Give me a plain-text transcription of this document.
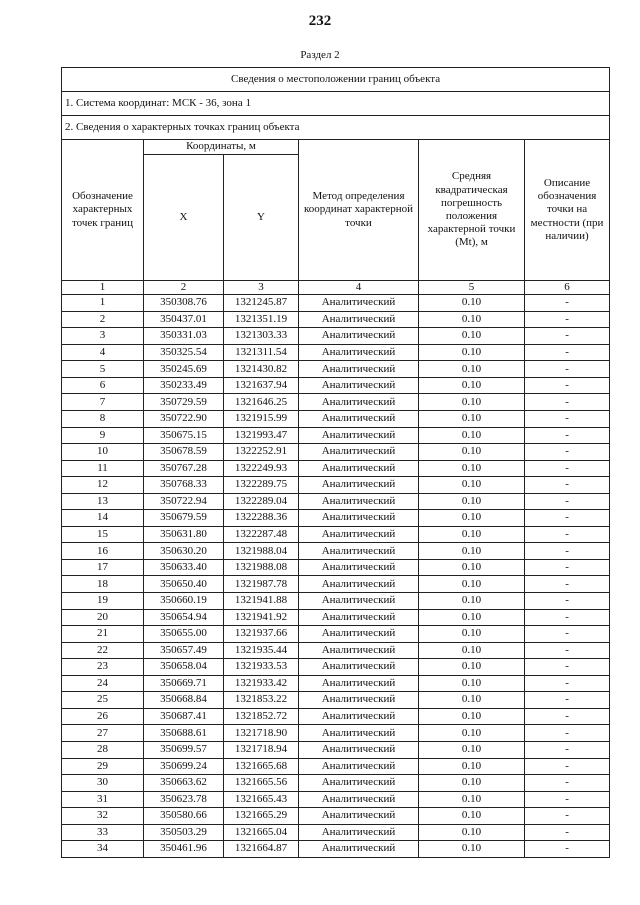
232
Раздел 2
Сведения о местоположении границ объекта					
1. Система координат: МСК - 36, зона 1					
2. Сведения о характерных точках границ объекта					
Обозначение характерных точек границ	Координаты, м		Метод определения координат характерной точки	Средняя квадратическая погрешность положения характерной точки (Mt), м	Описание обозначения точки на местности (при наличии)
	X	Y			
1	2	3	4	5	6
1	350308.76	1321245.87	Аналитический	0.10	-
2	350437.01	1321351.19	Аналитический	0.10	-
3	350331.03	1321303.33	Аналитический	0.10	-
4	350325.54	1321311.54	Аналитический	0.10	-
5	350245.69	1321430.82	Аналитический	0.10	-
6	350233.49	1321637.94	Аналитический	0.10	-
7	350729.59	1321646.25	Аналитический	0.10	-
8	350722.90	1321915.99	Аналитический	0.10	-
9	350675.15	1321993.47	Аналитический	0.10	-
10	350678.59	1322252.91	Аналитический	0.10	-
11	350767.28	1322249.93	Аналитический	0.10	-
12	350768.33	1322289.75	Аналитический	0.10	-
13	350722.94	1322289.04	Аналитический	0.10	-
14	350679.59	1322288.36	Аналитический	0.10	-
15	350631.80	1322287.48	Аналитический	0.10	-
16	350630.20	1321988.04	Аналитический	0.10	-
17	350633.40	1321988.08	Аналитический	0.10	-
18	350650.40	1321987.78	Аналитический	0.10	-
19	350660.19	1321941.88	Аналитический	0.10	-
20	350654.94	1321941.92	Аналитический	0.10	-
21	350655.00	1321937.66	Аналитический	0.10	-
22	350657.49	1321935.44	Аналитический	0.10	-
23	350658.04	1321933.53	Аналитический	0.10	-
24	350669.71	1321933.42	Аналитический	0.10	-
25	350668.84	1321853.22	Аналитический	0.10	-
26	350687.41	1321852.72	Аналитический	0.10	-
27	350688.61	1321718.90	Аналитический	0.10	-
28	350699.57	1321718.94	Аналитический	0.10	-
29	350699.24	1321665.68	Аналитический	0.10	-
30	350663.62	1321665.56	Аналитический	0.10	-
31	350623.78	1321665.43	Аналитический	0.10	-
32	350580.66	1321665.29	Аналитический	0.10	-
33	350503.29	1321665.04	Аналитический	0.10	-
34	350461.96	1321664.87	Аналитический	0.10	-
